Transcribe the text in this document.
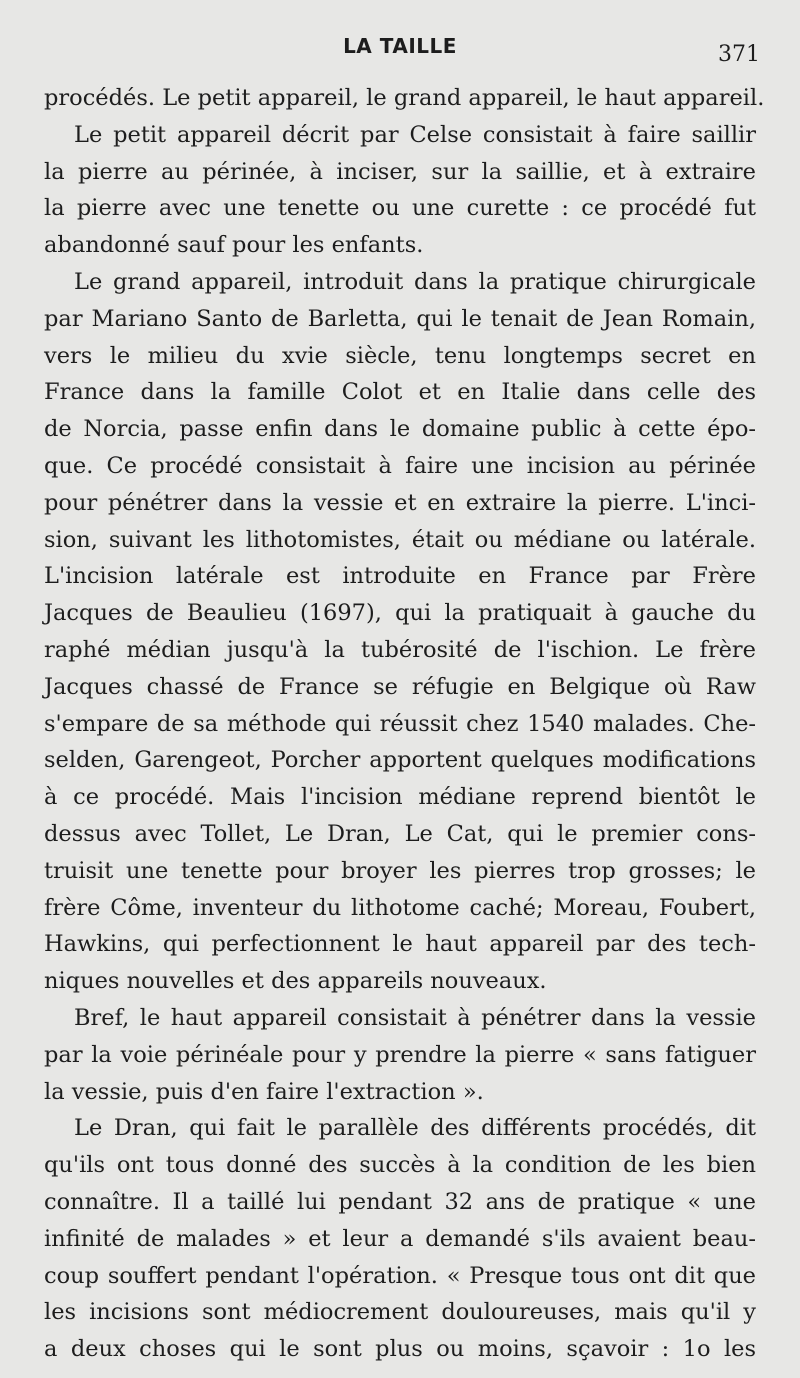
LA TAILLE	371
procédés. Le petit appareil, le grand appareil, le haut appareil.
Le petit appareil décrit par Celse consistait à faire saillir
la pierre au périnée, à inciser, sur la saillie, et à extraire
la pierre avec une tenette ou une curette : ce procédé fut
abandonné sauf pour les enfants.
Le grand appareil, introduit dans la pratique chirurgicale
par Mariano Santo de Barletta, qui le tenait de Jean Romain,
vers le milieu du xvie siècle, tenu longtemps secret en
France dans la famille Colot et en Italie dans celle des
de Norcia, passe enfin dans le domaine public à cette épo-
que. Ce procédé consistait à faire une incision au périnée
pour pénétrer dans la vessie et en extraire la pierre. L'inci-
sion, suivant les lithotomistes, était ou médiane ou latérale.
L'incision latérale est introduite en France par Frère
Jacques de Beaulieu (1697), qui la pratiquait à gauche du
raphé médian jusqu'à la tubérosité de l'ischion. Le frère
Jacques chassé de France se réfugie en Belgique où Raw
s'empare de sa méthode qui réussit chez 1540 malades. Che-
selden, Garengeot, Porcher apportent quelques modifications
à ce procédé. Mais l'incision médiane reprend bientôt le
dessus avec Tollet, Le Dran, Le Cat, qui le premier cons-
truisit une tenette pour broyer les pierres trop grosses; le
frère Côme, inventeur du lithotome caché; Moreau, Foubert,
Hawkins, qui perfectionnent le haut appareil par des tech-
niques nouvelles et des appareils nouveaux.
Bref, le haut appareil consistait à pénétrer dans la vessie
par la voie périnéale pour y prendre la pierre « sans fatiguer
la vessie, puis d'en faire l'extraction ».
Le Dran, qui fait le parallèle des différents procédés, dit
qu'ils ont tous donné des succès à la condition de les bien
connaître. Il a taillé lui pendant 32 ans de pratique « une
infinité de malades » et leur a demandé s'ils avaient beau-
coup souffert pendant l'opération. « Presque tous ont dit que
les incisions sont médiocrement douloureuses, mais qu'il y
a deux choses qui le sont plus ou moins, sçavoir : 1o les
